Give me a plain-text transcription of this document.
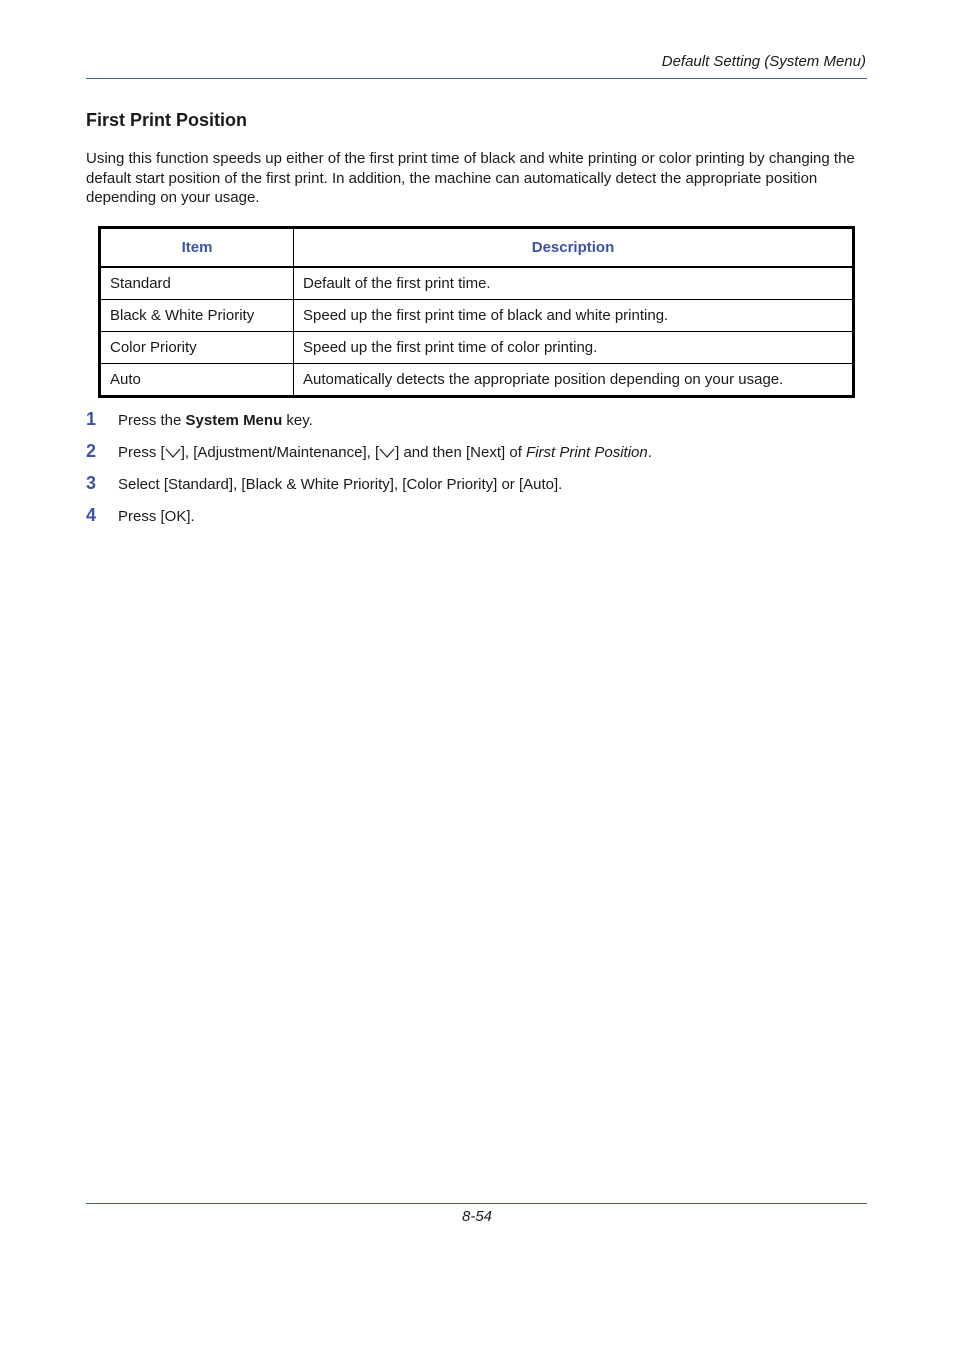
Default Setting (System Menu)
First Print Position

Using this function speeds up either of the first print time of black and white printing or color printing by changing the default start position of the first print. In addition, the machine can automatically detect the appropriate position depending on your usage.

Item	Description
Standard	Default of the first print time.
Black & White Priority	Speed up the first print time of black and white printing.
Color Priority	Speed up the first print time of color printing.
Auto	Automatically detects the appropriate position depending on your usage.
1 Press the System Menu key.
2 Press [ ], [Adjustment/Maintenance], [ ] and then [Next] of First Print Position.
3 Select [Standard], [Black & White Priority], [Color Priority] or [Auto].
4 Press [OK].
8-54
